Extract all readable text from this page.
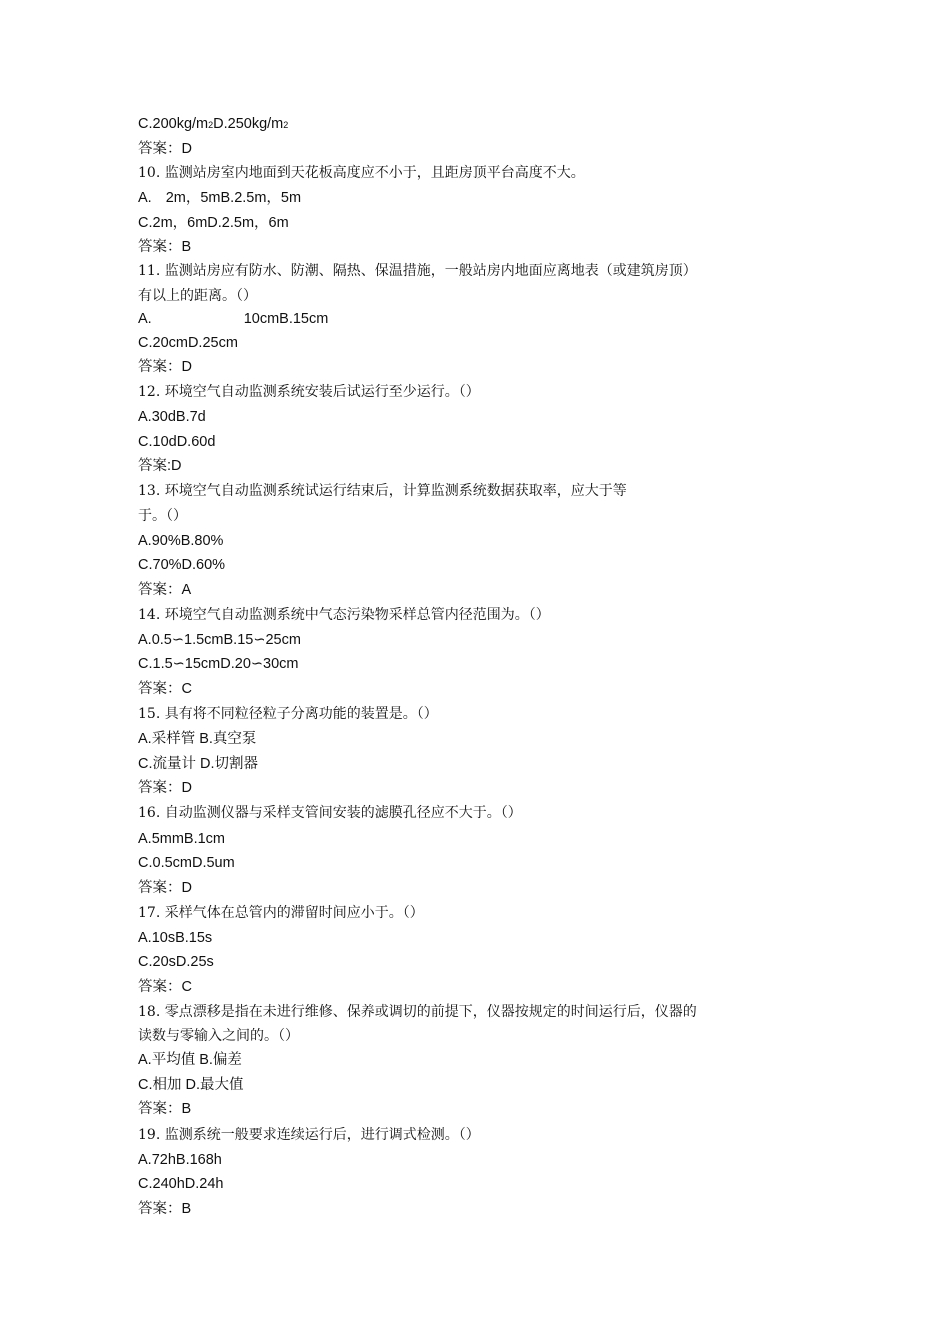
C.200kg/m2D.250kg/m2
答案：D
10. 监测站房室内地面到天花板高度应不小于，且距房顶平台高度不大。
A. 2m，5mB.2.5m，5m
C.2m，6mD.2.5m，6m
答案：B
11. 监测站房应有防水、防潮、隔热、保温措施，一般站房内地面应离地表（或建筑房顶）
有以上的距离。（）
A.	10cmB.15cm
C.20cmD.25cm
答案：D
12. 环境空气自动监测系统安装后试运行至少运行。（）
A.30dB.7d
C.10dD.60d
答案:D
13. 环境空气自动监测系统试运行结束后，计算监测系统数据获取率，应大于等
于。（）
A.90%B.80%
C.70%D.60%
答案：A
14. 环境空气自动监测系统中气态污染物采样总管内径范围为。（）
A.0.5∽1.5cmB.15∽25cm
C.1.5∽15cmD.20∽30cm
答案：C
15. 具有将不同粒径粒子分离功能的装置是。（）
A.采样管 B.真空泵
C.流量计 D.切割器
答案：D
16. 自动监测仪器与采样支管间安装的滤膜孔径应不大于。（）
A.5mmB.1cm
C.0.5cmD.5um
答案：D
17. 采样气体在总管内的滞留时间应小于。（）
A.10sB.15s
C.20sD.25s
答案：C
18. 零点漂移是指在未进行维修、保养或调切的前提下，仪器按规定的时间运行后，仪器的
读数与零输入之间的。（）
A.平均值 B.偏差
C.相加 D.最大值
答案：B
19. 监测系统一般要求连续运行后，进行调式检测。（）
A.72hB.168h
C.240hD.24h
答案：B
